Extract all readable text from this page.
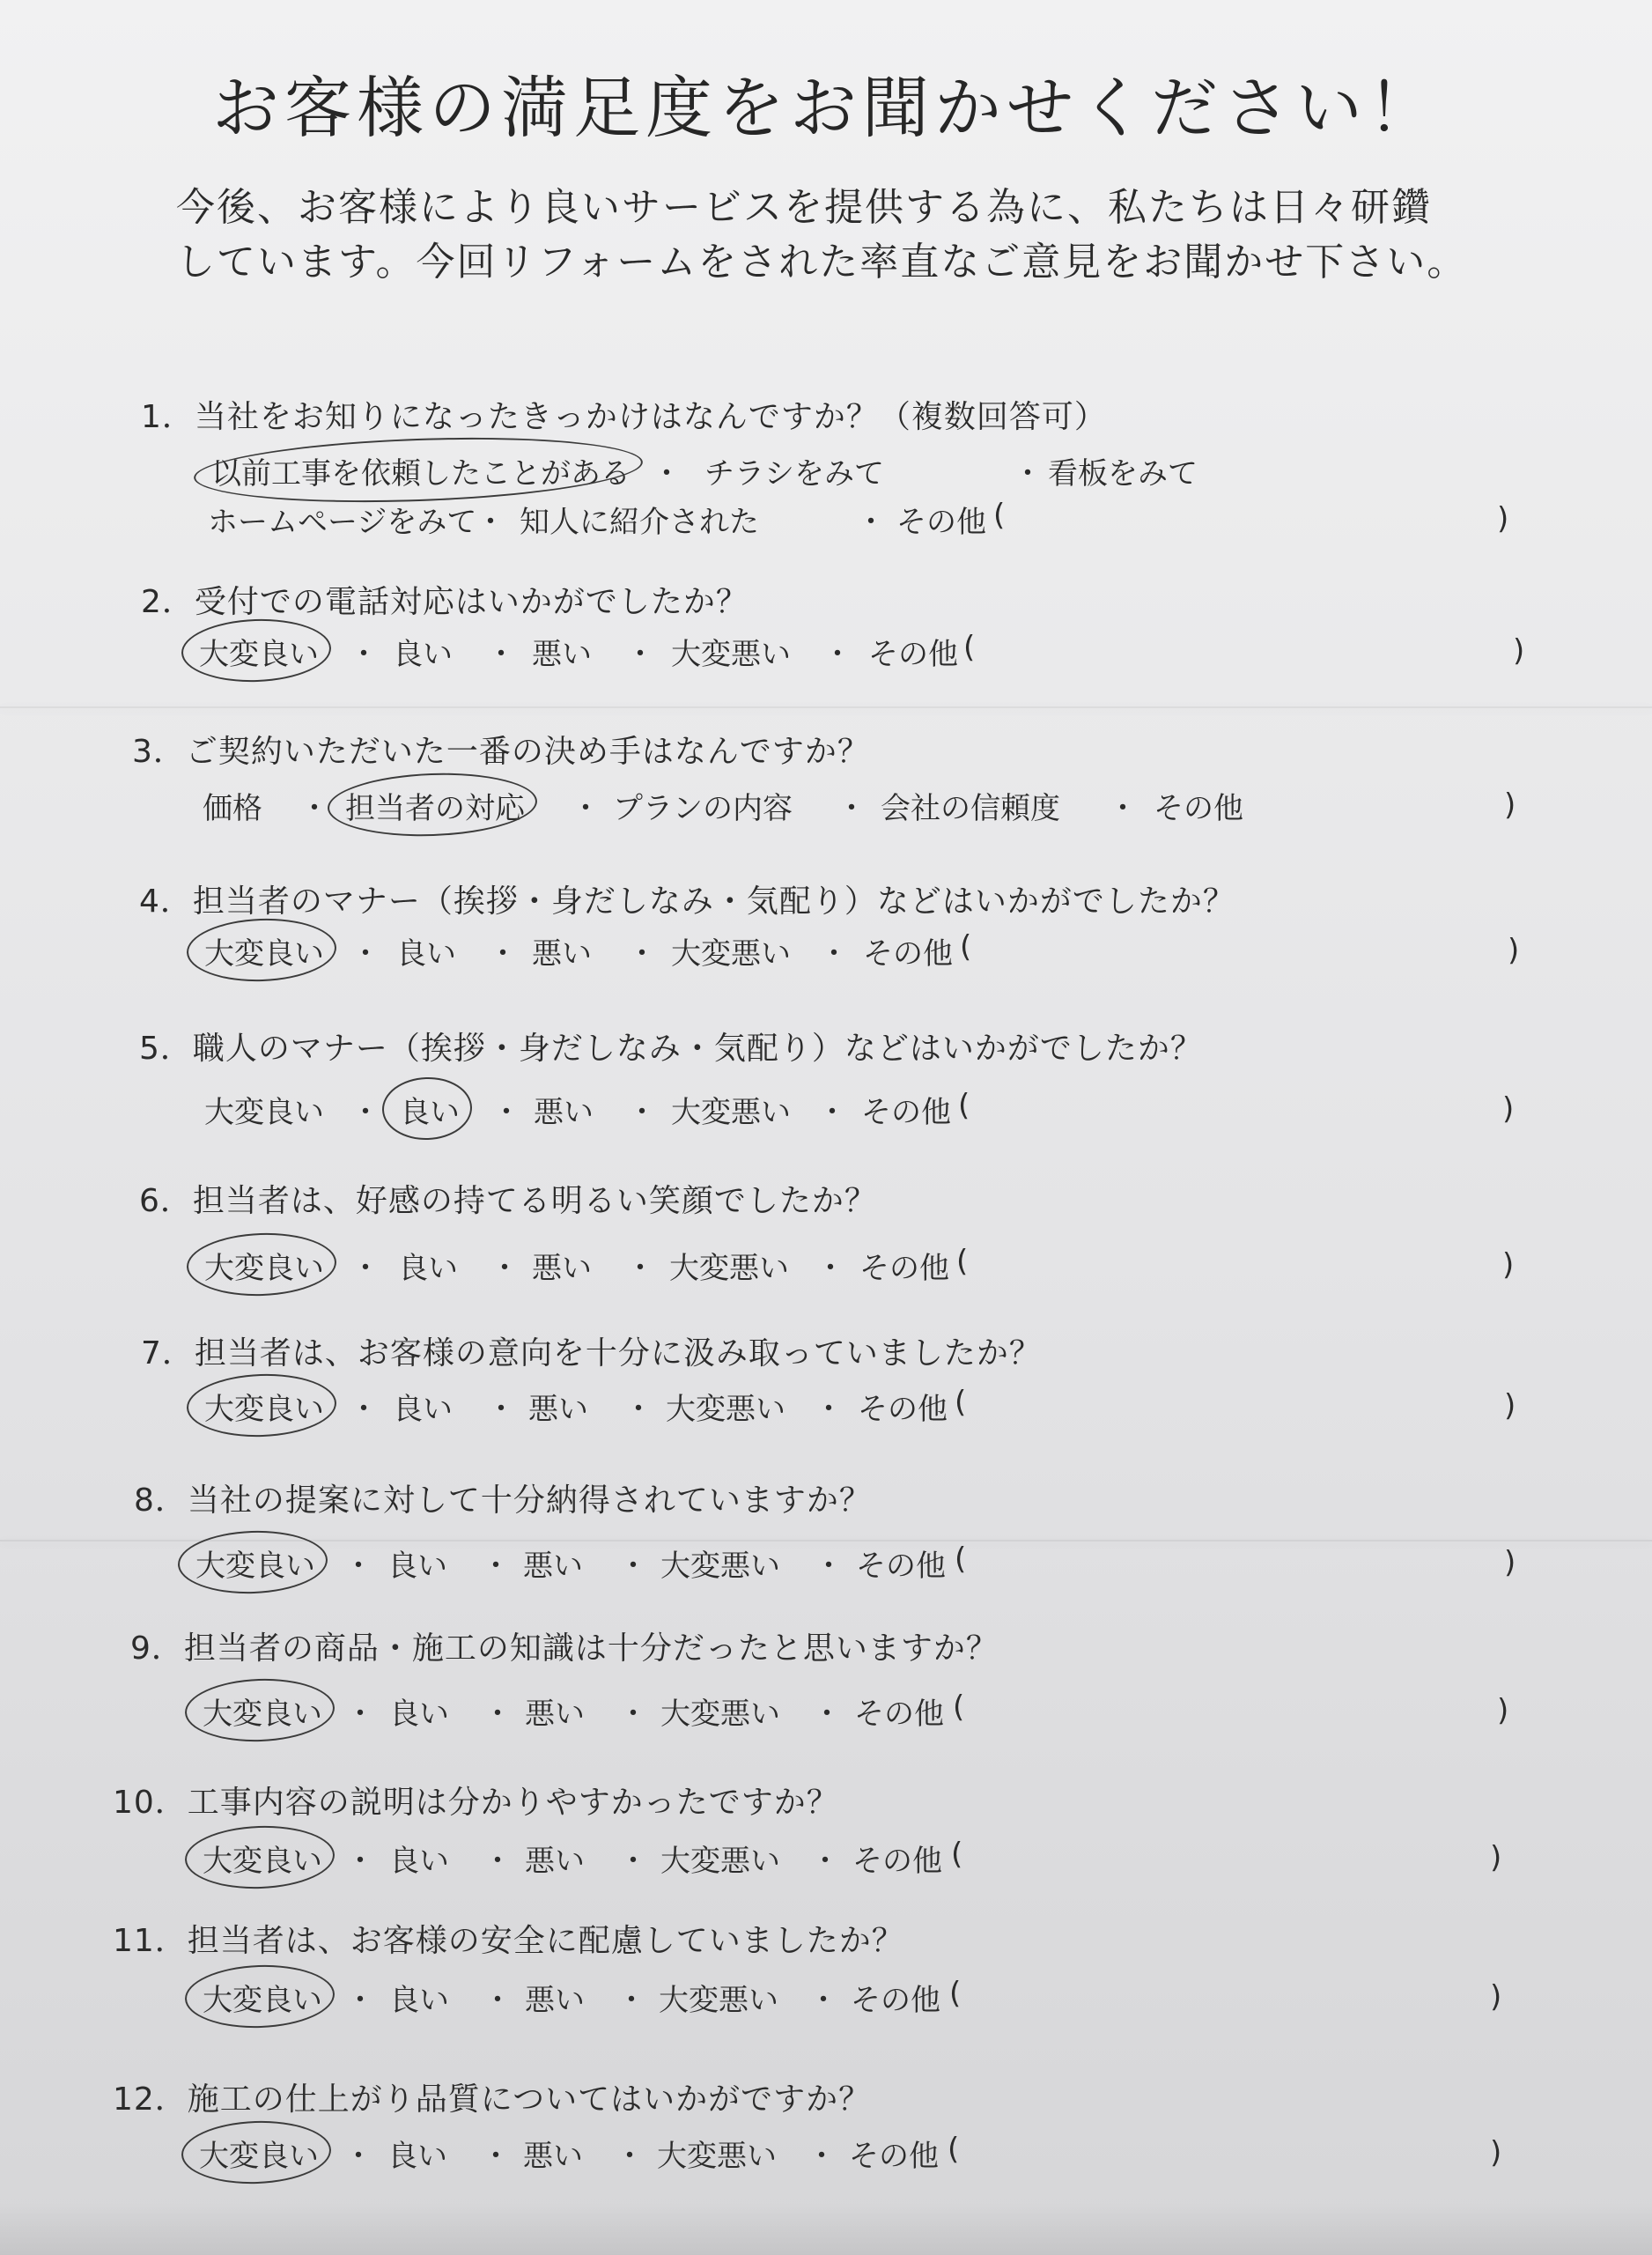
お客様の満足度をお聞かせください！
今後、お客様により良いサービスを提供する為に、私たちは日々研鑽
しています。今回リフォームをされた率直なご意見をお聞かせ下さい。
1．当社をお知りになったきっかけはなんですか？（複数回答可）
以前工事を依頼したことがある チラシをみて	看板をみて
・	・
ホームページをみて 知人に紹介された	その他
・	・	(	)
2．受付での電話対応はいかがでしたか？
大変良い 良い	悪い	大変悪い	その他
・	・	・	・	(	)
3．ご契約いただいた一番の決め手はなんですか？
価格	担当者の対応	プランの内容	会社の信頼度	その他
・	・	・	・	)
4．担当者のマナー（挨拶・身だしなみ・気配り）などはいかがでしたか？
大変良い 良い	悪い	大変悪い その他
・	・	・	・	(	)
5．職人のマナー（挨拶・身だしなみ・気配り）などはいかがでしたか？
大変良い	良い 悪い	大変悪い その他
・	・	・	・	(	)
6．担当者は、好感の持てる明るい笑顔でしたか？
大変良い 良い 悪い	大変悪い その他
・	・	・	・	(	)
7．担当者は、お客様の意向を十分に汲み取っていましたか？
大変良い 良い	悪い	大変悪い その他
・	・	・	・	(	)
8．当社の提案に対して十分納得されていますか？
大変良い 良い	悪い	大変悪い	その他
・	・	・	・	(	)
9．担当者の商品・施工の知識は十分だったと思いますか？
大変良い 良い	悪い	大変悪い その他
・	・	・	・	(	)
10．工事内容の説明は分かりやすかったですか？
大変良い 良い	悪い	大変悪い その他
・	・	・	・	(	)
11．担当者は、お客様の安全に配慮していましたか？
大変良い 良い	悪い 大変悪い その他
・	・	・	・	(	)
12．施工の仕上がり品質についてはいかがですか？
大変良い 良い	悪い 大変悪い その他
・	・	・	・	(	)
